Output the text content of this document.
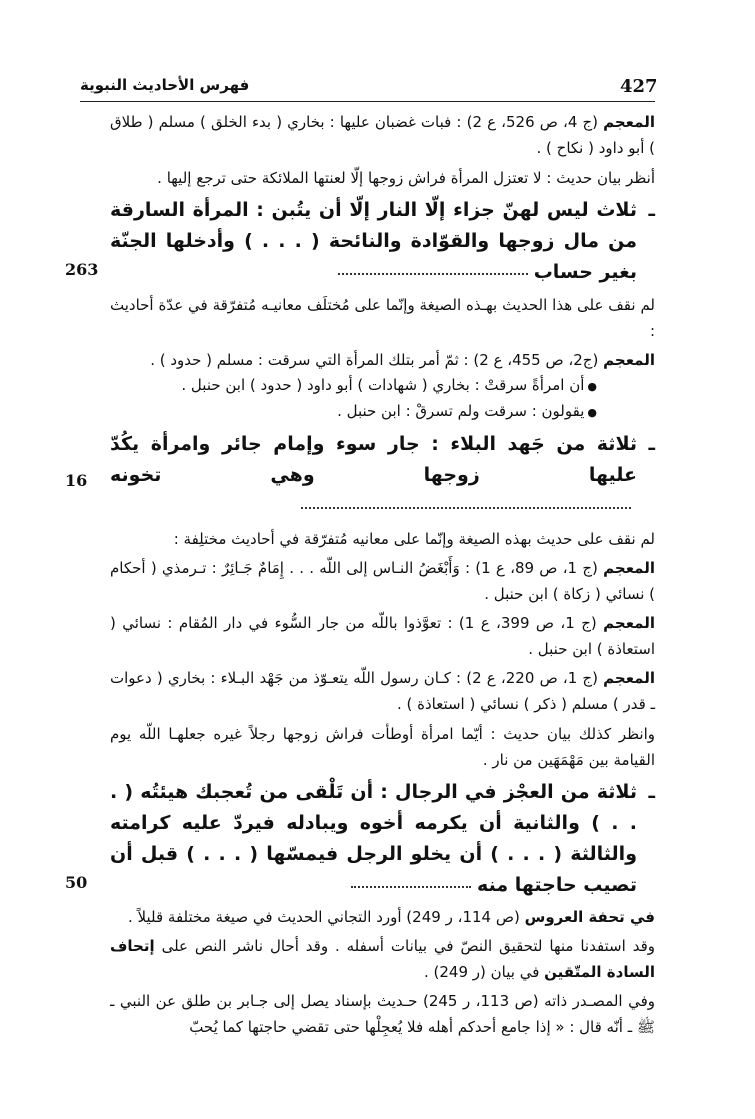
427
فهرس الأحاديث النبوية

المعجم (ج 4، ص 526، ع 2) : فبات غضبان عليها : بخاري ( بدء الخلق ) مسلم ( طلاق ) أبو داود ( نكاح ) .

أنظر بيان حديث : لا تعتزل المرأة فراش زوجها إلّا لعنتها الملائكة حتى ترجع إليها .

ـ
ثلاث ليس لهنّ جزاء إلّا النار إلّا أن يتُبن : المرأة السارقة من مال زوجها والقوّادة والنائحة ( . . . ) وأدخلها الجنّة بغير حساب
263

لم نقف على هذا الحديث بهـذه الصيغة وإنّما على مُختلَف معانيـه مُتفرّقة في عدّة أحاديث :

المعجم (ج2، ص 455، ع 2) : ثمّ أمر بتلك المرأة التي سرقت : مسلم ( حدود ) .

● أن امرأةً سرقتْ : بخاري ( شهادات ) أبو داود ( حدود ) ابن حنبل .

● يقولون : سرقت ولم تسرقْ : ابن حنبل .

ـ
ثلاثة من جَهد البلاء : جار سوء وإمام جائر وامرأة يكُدّ عليها زوجها وهي تخونه
16

لم نقف على حديث بهذه الصيغة وإنّما على معانيه مُتفرّقة في أحاديث مختلِفة :

المعجم (ج 1، ص 89، ع 1) : وَأَبْغَضُ النـاس إلى اللّه . . . إِمَامٌ جَـائِرٌ : تـرمذي ( أحكام ) نسائي ( زكاة ) ابن حنبل .

المعجم (ج 1، ص 399، ع 1) : تعوَّذوا باللّه من جار السُّوء في دار المُقام : نسائي ( استعاذة ) ابن حنبل .

المعجم (ج 1، ص 220، ع 2) : كـان رسول اللّه يتعـوّذ من جَهْد البـلاء : بخاري ( دعوات ـ قدر ) مسلم ( ذكر ) نسائي ( استعاذة ) .

وانظر كذلك بيان حديث : أيّما امرأة أوطأت فراش زوجها رجلاً غيره جعلهـا اللّه يوم القيامة بين مَهْمَهَين من نار .

ـ
ثلاثة من العجْز في الرجال : أن تَلْقى من تُعجبك هيئتُه ( . . . ) والثانية أن يكرمه أخوه ويبادله فيردّ عليه كرامته والثالثة ( . . . ) أن يخلو الرجل فيمسّها ( . . . ) قبل أن تصيب حاجتها منه
50

في تحفة العروس (ص 114، ر 249) أورد التجاني الحديث في صيغة مختلفة قليلاً .

وقد استفدنا منها لتحقيق النصّ في بيانات أسفله . وقد أحال ناشر النص على إتحاف السادة المتّقين في بيان (ر 249) .

وفي المصـدر ذاته (ص 113، ر 245) حـديث بإسناد يصل إلى جـابر بن طلق عن النبي ـ ﷺ ـ أنّه قال : « إذا جامع أحدكم أهله فلا يُعجِلْها حتى تقضي حاجتها كما يُحبّ
